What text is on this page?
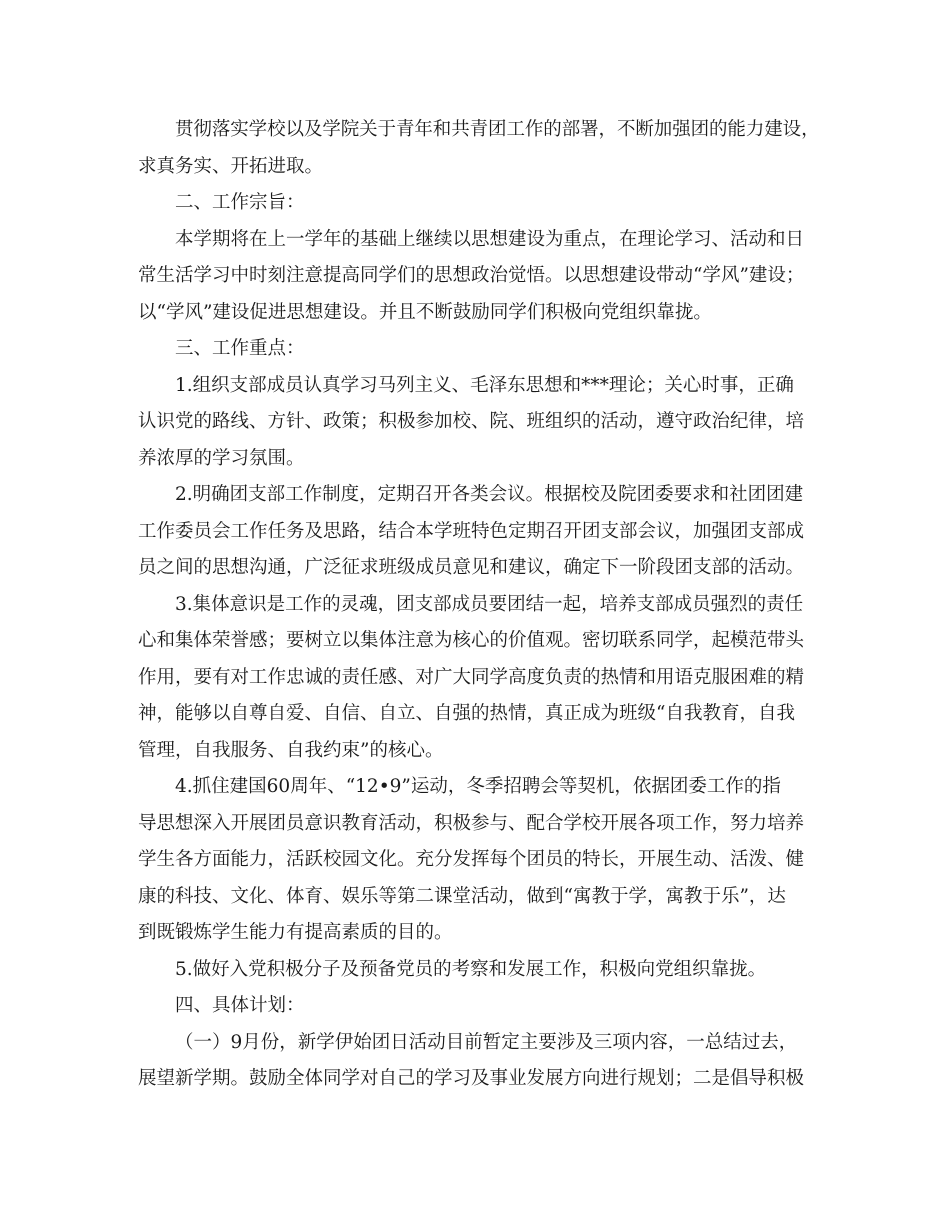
贯彻落实学校以及学院关于青年和共青团工作的部署，不断加强团的能力建设，
求真务实、开拓进取。
二、工作宗旨：
本学期将在上一学年的基础上继续以思想建设为重点，在理论学习、活动和日
常生活学习中时刻注意提高同学们的思想政治觉悟。以思想建设带动“学风”建设；
以“学风”建设促进思想建设。并且不断鼓励同学们积极向党组织靠拢。
三、工作重点：
1.组织支部成员认真学习马列主义、毛泽东思想和***理论；关心时事，正确
认识党的路线、方针、政策；积极参加校、院、班组织的活动，遵守政治纪律，培
养浓厚的学习氛围。
2.明确团支部工作制度，定期召开各类会议。根据校及院团委要求和社团团建
工作委员会工作任务及思路，结合本学班特色定期召开团支部会议，加强团支部成
员之间的思想沟通，广泛征求班级成员意见和建议，确定下一阶段团支部的活动。
3.集体意识是工作的灵魂，团支部成员要团结一起，培养支部成员强烈的责任
心和集体荣誉感；要树立以集体注意为核心的价值观。密切联系同学，起模范带头
作用，要有对工作忠诚的责任感、对广大同学高度负责的热情和用语克服困难的精
神，能够以自尊自爱、自信、自立、自强的热情，真正成为班级“自我教育，自我
管理，自我服务、自我约束”的核心。
4.抓住建国60周年、“12•9”运动，冬季招聘会等契机，依据团委工作的指
导思想深入开展团员意识教育活动，积极参与、配合学校开展各项工作，努力培养
学生各方面能力，活跃校园文化。充分发挥每个团员的特长，开展生动、活泼、健
康的科技、文化、体育、娱乐等第二课堂活动，做到“寓教于学，寓教于乐”，达
到既锻炼学生能力有提高素质的目的。
5.做好入党积极分子及预备党员的考察和发展工作，积极向党组织靠拢。
四、具体计划：
（一）9月份，新学伊始团日活动目前暂定主要涉及三项内容，一总结过去，
展望新学期。鼓励全体同学对自己的学习及事业发展方向进行规划；二是倡导积极
